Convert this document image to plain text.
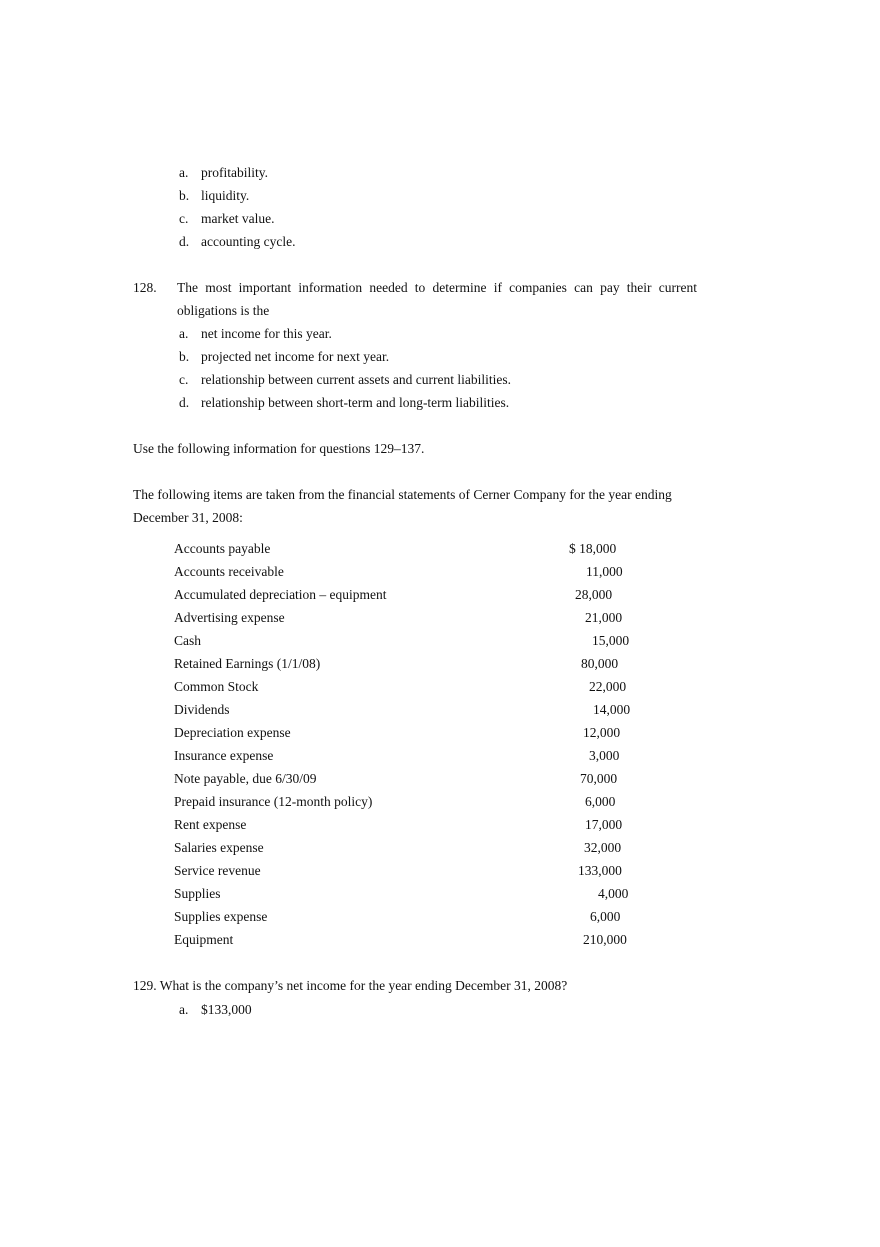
a. profitability.
b. liquidity.
c. market value.
d. accounting cycle.
128. The most important information needed to determine if companies can pay their current
obligations is the
a. net income for this year.
b. projected net income for next year.
c. relationship between current assets and current liabilities.
d. relationship between short-term and long-term liabilities.
Use the following information for questions 129–137.
The following items are taken from the financial statements of Cerner Company for the year ending
December 31, 2008:
Accounts payable	$ 18,000
Accounts receivable	11,000
Accumulated depreciation – equipment	28,000
Advertising expense	21,000
Cash	15,000
Retained Earnings (1/1/08)	80,000
Common Stock	22,000
Dividends	14,000
Depreciation expense	12,000
Insurance expense	3,000
Note payable, due 6/30/09	70,000
Prepaid insurance (12-month policy)	6,000
Rent expense	17,000
Salaries expense	32,000
Service revenue	133,000
Supplies	4,000
Supplies expense	6,000
Equipment	210,000
129. What is the company’s net income for the year ending December 31, 2008?
a. $133,000
